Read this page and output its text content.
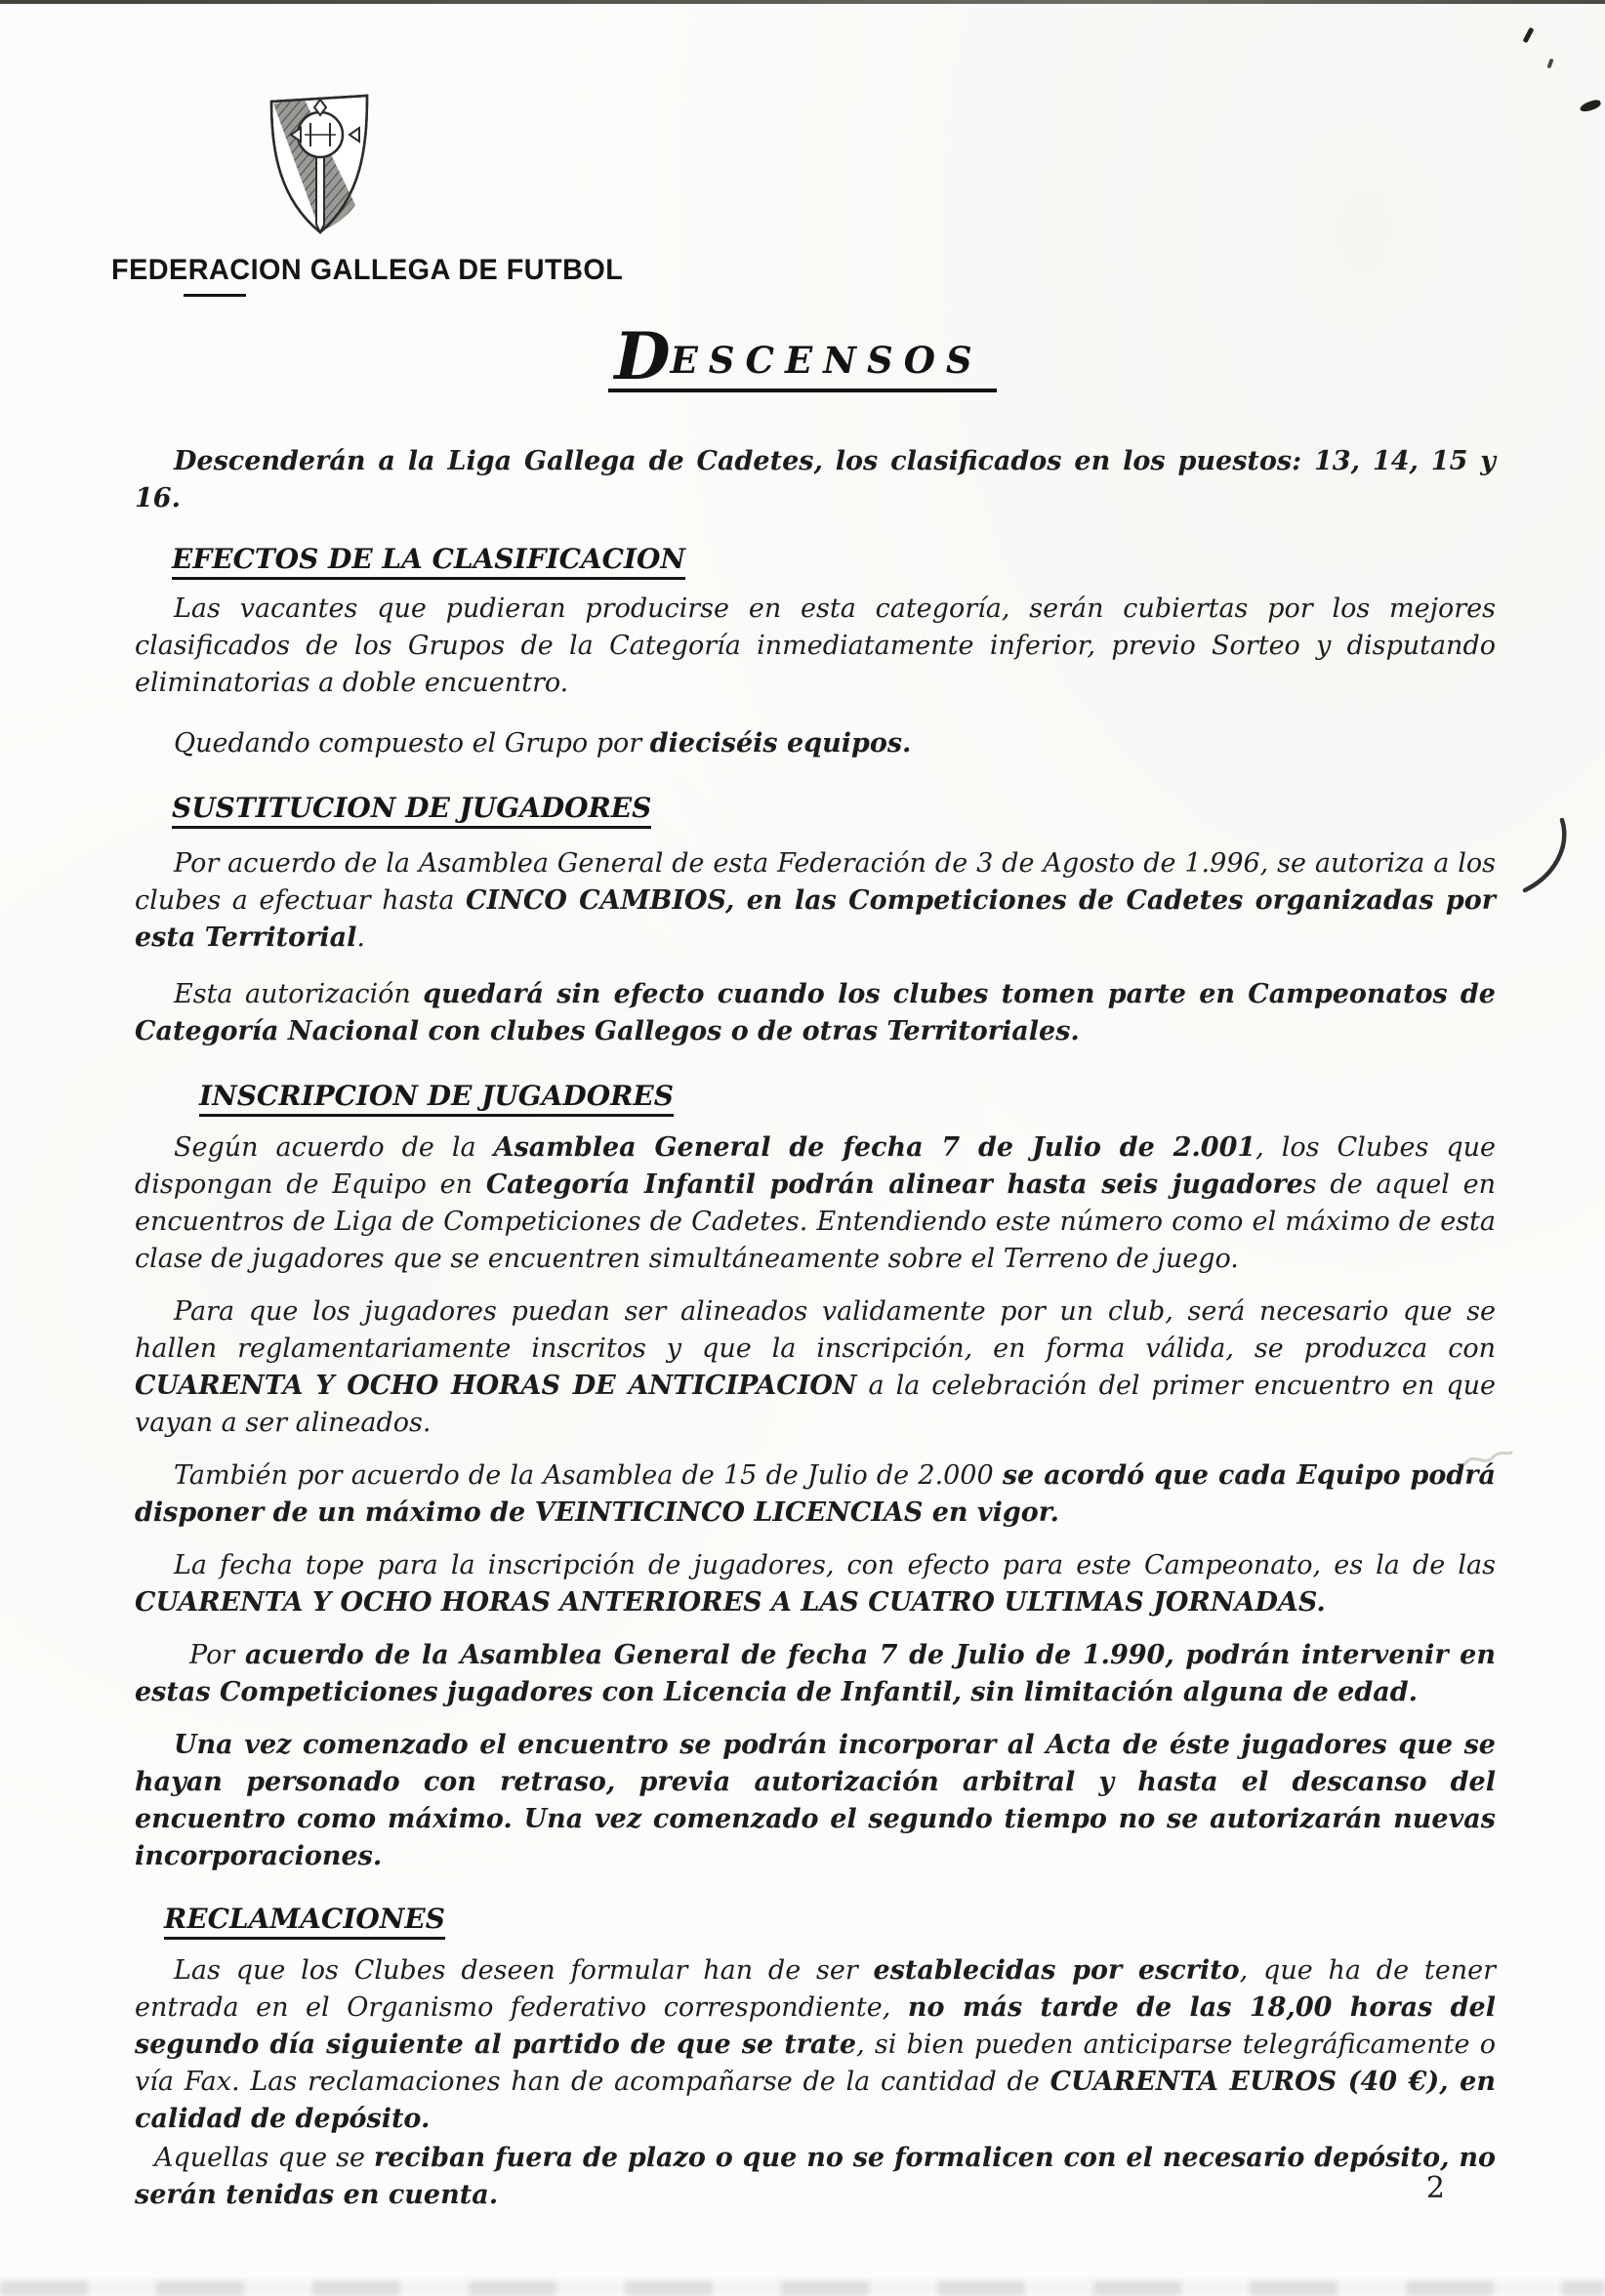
FEDERACION GALLEGA DE FUTBOL
DESCENSOS

Descenderán a la Liga Gallega de Cadetes, los clasificados en los puestos: 13, 14, 15 y 16.

EFECTOS DE LA CLASIFICACION

Las vacantes que pudieran producirse en esta categoría, serán cubiertas por los mejores clasificados de los Grupos de la Categoría inmediatamente inferior, previo Sorteo y disputando eliminatorias a doble encuentro.

Quedando compuesto el Grupo por dieciséis equipos.

SUSTITUCION DE JUGADORES

Por acuerdo de la Asamblea General de esta Federación de 3 de Agosto de 1.996, se autoriza a los clubes a efectuar hasta CINCO CAMBIOS, en las Competiciones de Cadetes organizadas por esta Territorial.

Esta autorización quedará sin efecto cuando los clubes tomen parte en Campeonatos de Categoría Nacional con clubes Gallegos o de otras Territoriales.

INSCRIPCION DE JUGADORES

Según acuerdo de la Asamblea General de fecha 7 de Julio de 2.001, los Clubes que dispongan de Equipo en Categoría Infantil podrán alinear hasta seis jugadores de aquel en encuentros de Liga de Competiciones de Cadetes. Entendiendo este número como el máximo de esta clase de jugadores que se encuentren simultáneamente sobre el Terreno de juego.

Para que los jugadores puedan ser alineados validamente por un club, será necesario que se hallen reglamentariamente inscritos y que la inscripción, en forma válida, se produzca con CUARENTA Y OCHO HORAS DE ANTICIPACION a la celebración del primer encuentro en que vayan a ser alineados.

También por acuerdo de la Asamblea de 15 de Julio de 2.000 se acordó que cada Equipo podrá disponer de un máximo de VEINTICINCO LICENCIAS en vigor.

La fecha tope para la inscripción de jugadores, con efecto para este Campeonato, es la de las CUARENTA Y OCHO HORAS ANTERIORES A LAS CUATRO ULTIMAS JORNADAS.

Por acuerdo de la Asamblea General de fecha 7 de Julio de 1.990, podrán intervenir en estas Competiciones jugadores con Licencia de Infantil, sin limitación alguna de edad.

Una vez comenzado el encuentro se podrán incorporar al Acta de éste jugadores que se hayan personado con retraso, previa autorización arbitral y hasta el descanso del encuentro como máximo. Una vez comenzado el segundo tiempo no se autorizarán nuevas incorporaciones.

RECLAMACIONES

Las que los Clubes deseen formular han de ser establecidas por escrito, que ha de tener entrada en el Organismo federativo correspondiente, no más tarde de las 18,00 horas del segundo día siguiente al partido de que se trate, si bien pueden anticiparse telegráficamente o vía Fax. Las reclamaciones han de acompañarse de la cantidad de CUARENTA EUROS (40 €), en calidad de depósito.

Aquellas que se reciban fuera de plazo o que no se formalicen con el necesario depósito, no serán tenidas en cuenta.	2
